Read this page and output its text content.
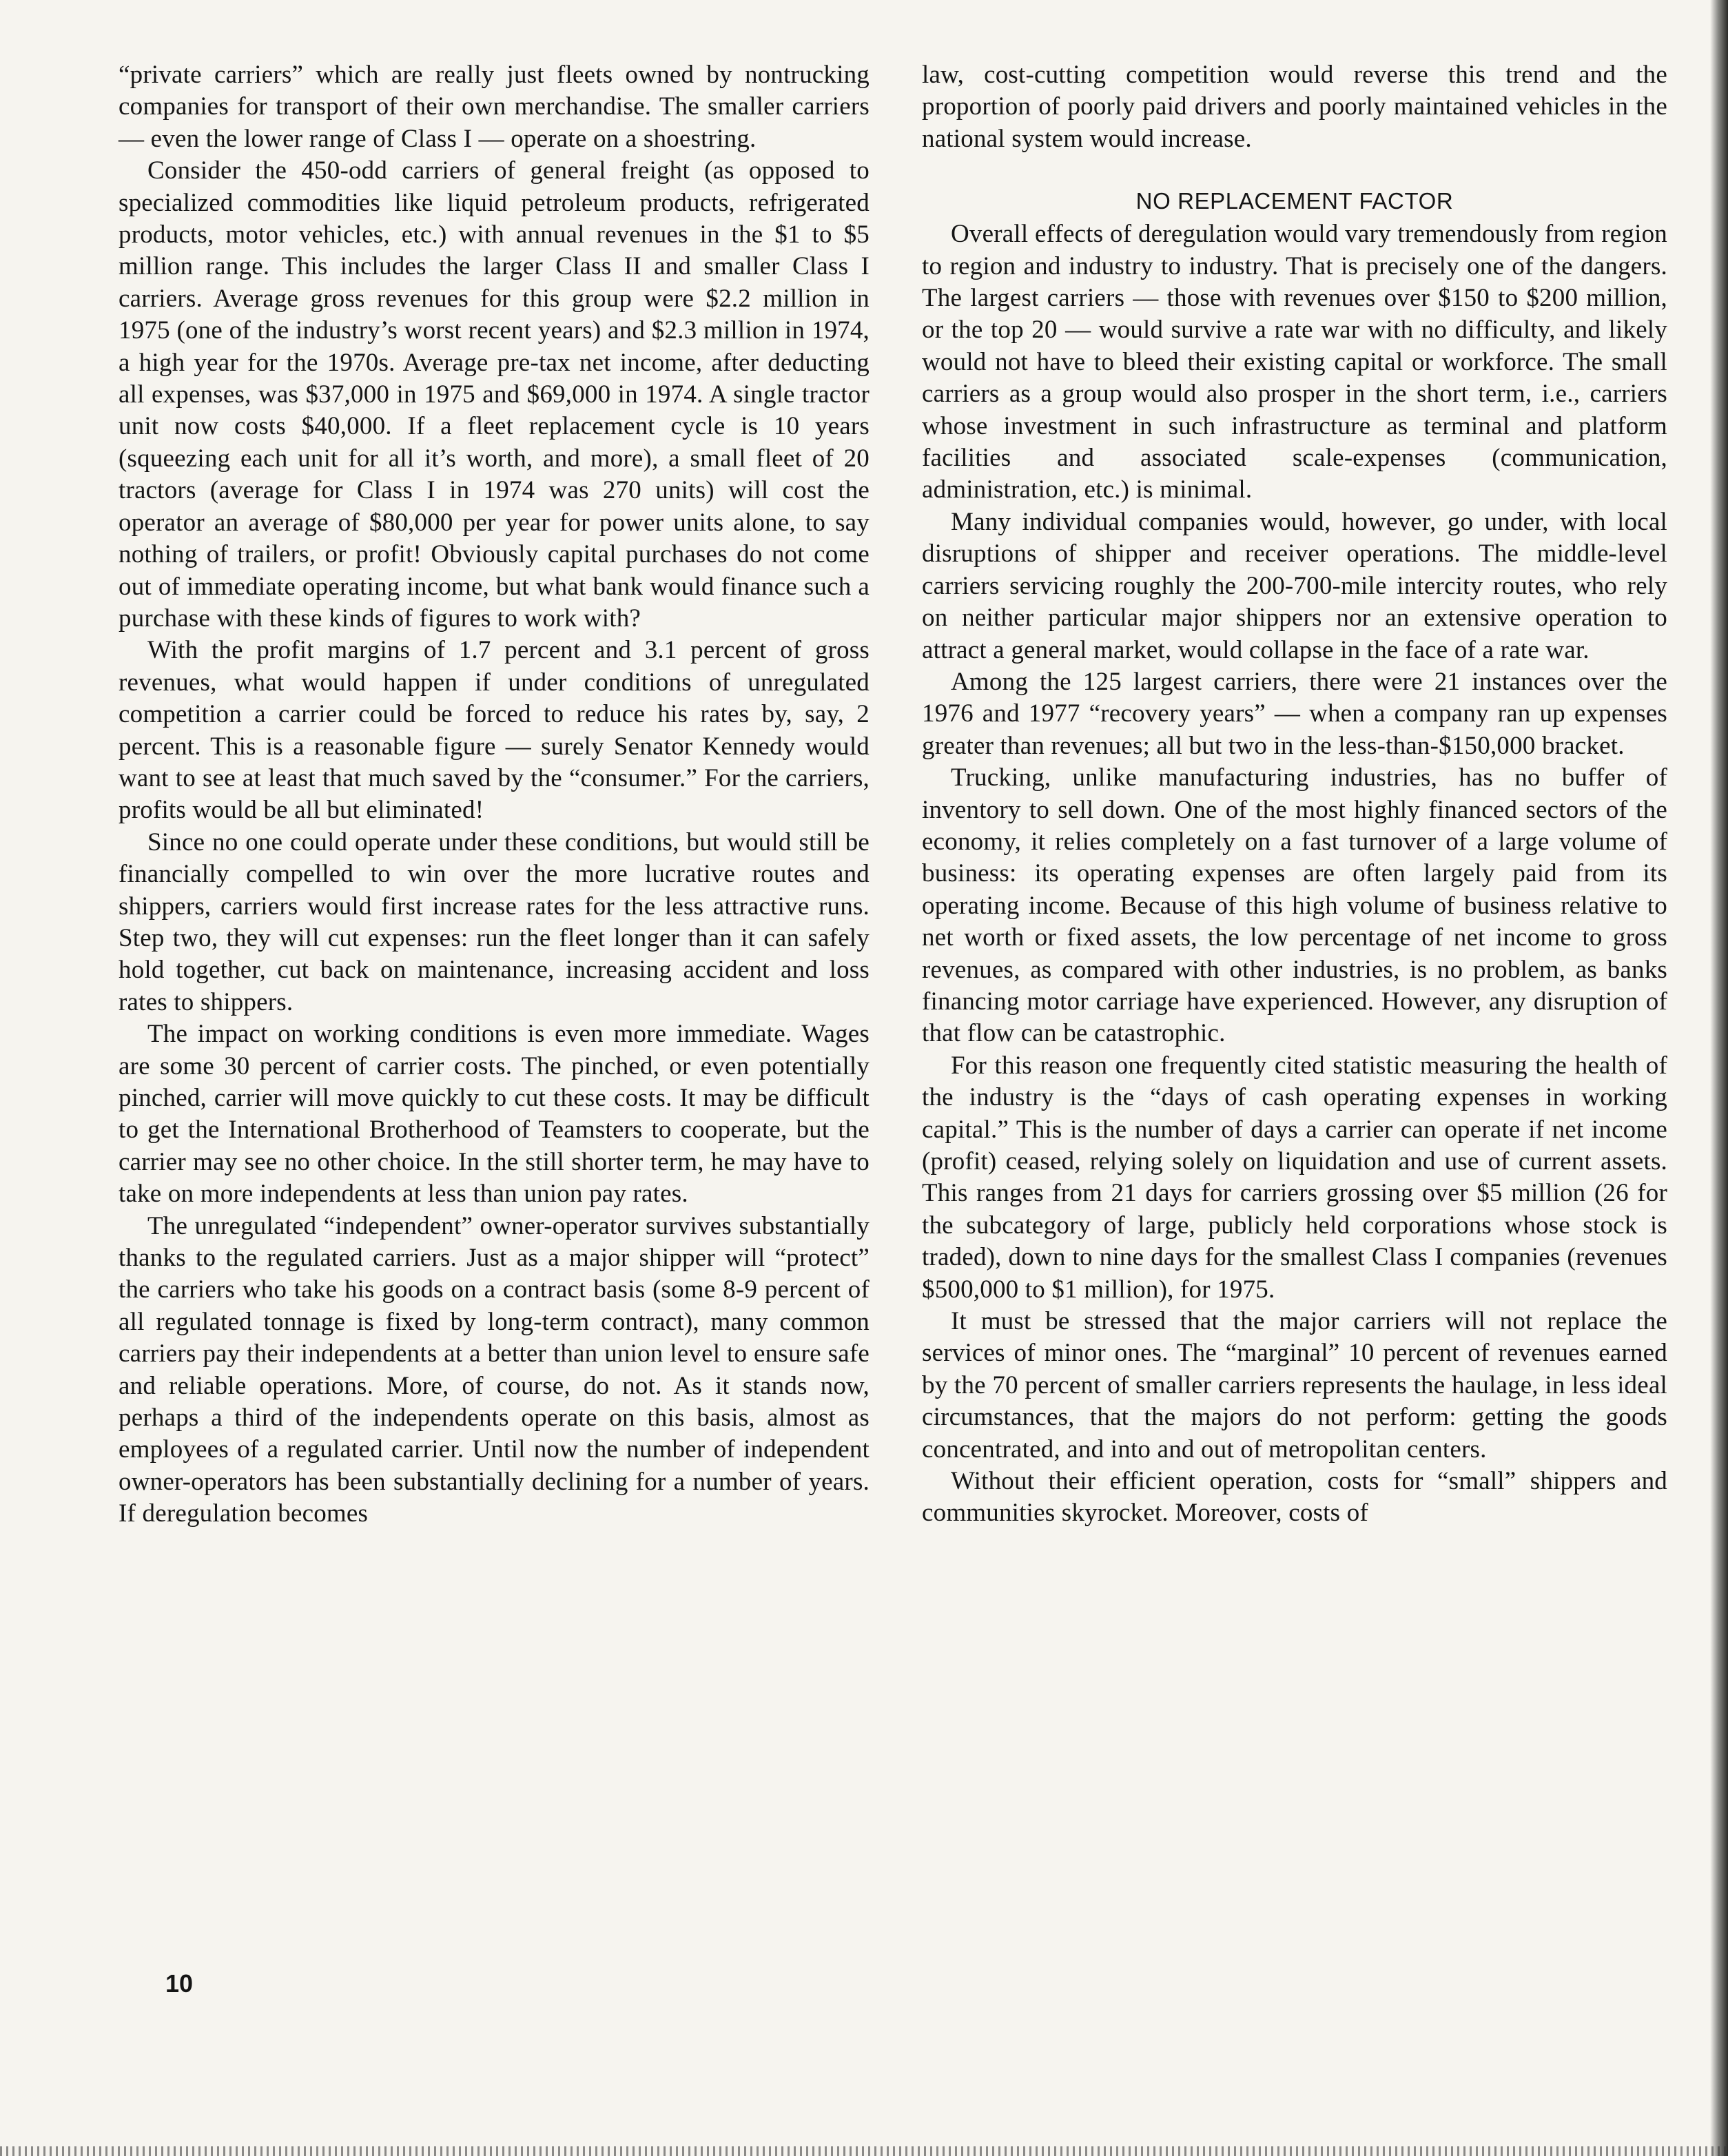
“private carriers” which are really just fleets owned by nontrucking companies for transport of their own merchandise. The smaller carriers — even the lower range of Class I — operate on a shoestring.

Consider the 450-odd carriers of general freight (as opposed to specialized commodities like liquid petroleum products, refrigerated products, motor vehicles, etc.) with annual revenues in the $1 to $5 million range. This includes the larger Class II and smaller Class I carriers. Average gross revenues for this group were $2.2 million in 1975 (one of the industry’s worst recent years) and $2.3 million in 1974, a high year for the 1970s. Average pre-tax net income, after deducting all expenses, was $37,000 in 1975 and $69,000 in 1974. A single tractor unit now costs $40,000. If a fleet replacement cycle is 10 years (squeezing each unit for all it’s worth, and more), a small fleet of 20 tractors (average for Class I in 1974 was 270 units) will cost the operator an average of $80,000 per year for power units alone, to say nothing of trailers, or profit! Obviously capital purchases do not come out of immediate operating income, but what bank would finance such a purchase with these kinds of figures to work with?

With the profit margins of 1.7 percent and 3.1 percent of gross revenues, what would happen if under conditions of unregulated competition a carrier could be forced to reduce his rates by, say, 2 percent. This is a reasonable figure — surely Senator Kennedy would want to see at least that much saved by the “consumer.” For the carriers, profits would be all but eliminated!

Since no one could operate under these conditions, but would still be financially compelled to win over the more lucrative routes and shippers, carriers would first increase rates for the less attractive runs. Step two, they will cut expenses: run the fleet longer than it can safely hold together, cut back on maintenance, increasing accident and loss rates to shippers.

The impact on working conditions is even more immediate. Wages are some 30 percent of carrier costs. The pinched, or even potentially pinched, carrier will move quickly to cut these costs. It may be difficult to get the International Brotherhood of Teamsters to cooperate, but the carrier may see no other choice. In the still shorter term, he may have to take on more independents at less than union pay rates.

The unregulated “independent” owner-operator survives substantially thanks to the regulated carriers. Just as a major shipper will “protect” the carriers who take his goods on a contract basis (some 8-9 percent of all regulated tonnage is fixed by long-term contract), many common carriers pay their independents at a better than union level to ensure safe and reliable operations. More, of course, do not. As it stands now, perhaps a third of the independents operate on this basis, almost as employees of a regulated carrier. Until now the number of independent owner-operators has been substantially declining for a number of years. If deregulation becomes

law, cost-cutting competition would reverse this trend and the proportion of poorly paid drivers and poorly maintained vehicles in the national system would increase.

NO REPLACEMENT FACTOR

Overall effects of deregulation would vary tremendously from region to region and industry to industry. That is precisely one of the dangers. The largest carriers — those with revenues over $150 to $200 million, or the top 20 — would survive a rate war with no difficulty, and likely would not have to bleed their existing capital or workforce. The small carriers as a group would also prosper in the short term, i.e., carriers whose investment in such infrastructure as terminal and platform facilities and associated scale-expenses (communication, administration, etc.) is minimal.

Many individual companies would, however, go under, with local disruptions of shipper and receiver operations. The middle-level carriers servicing roughly the 200-700-mile intercity routes, who rely on neither particular major shippers nor an extensive operation to attract a general market, would collapse in the face of a rate war.

Among the 125 largest carriers, there were 21 instances over the 1976 and 1977 “recovery years” — when a company ran up expenses greater than revenues; all but two in the less-than-$150,000 bracket.

Trucking, unlike manufacturing industries, has no buffer of inventory to sell down. One of the most highly financed sectors of the economy, it relies completely on a fast turnover of a large volume of business: its operating expenses are often largely paid from its operating income. Because of this high volume of business relative to net worth or fixed assets, the low percentage of net income to gross revenues, as compared with other industries, is no problem, as banks financing motor carriage have experienced. However, any disruption of that flow can be catastrophic.

For this reason one frequently cited statistic measuring the health of the industry is the “days of cash operating expenses in working capital.” This is the number of days a carrier can operate if net income (profit) ceased, relying solely on liquidation and use of current assets. This ranges from 21 days for carriers grossing over $5 million (26 for the subcategory of large, publicly held corporations whose stock is traded), down to nine days for the smallest Class I companies (revenues $500,000 to $1 million), for 1975.

It must be stressed that the major carriers will not replace the services of minor ones. The “marginal” 10 percent of revenues earned by the 70 percent of smaller carriers represents the haulage, in less ideal circumstances, that the majors do not perform: getting the goods concentrated, and into and out of metropolitan centers.

Without their efficient operation, costs for “small” shippers and communities skyrocket. Moreover, costs of

10
